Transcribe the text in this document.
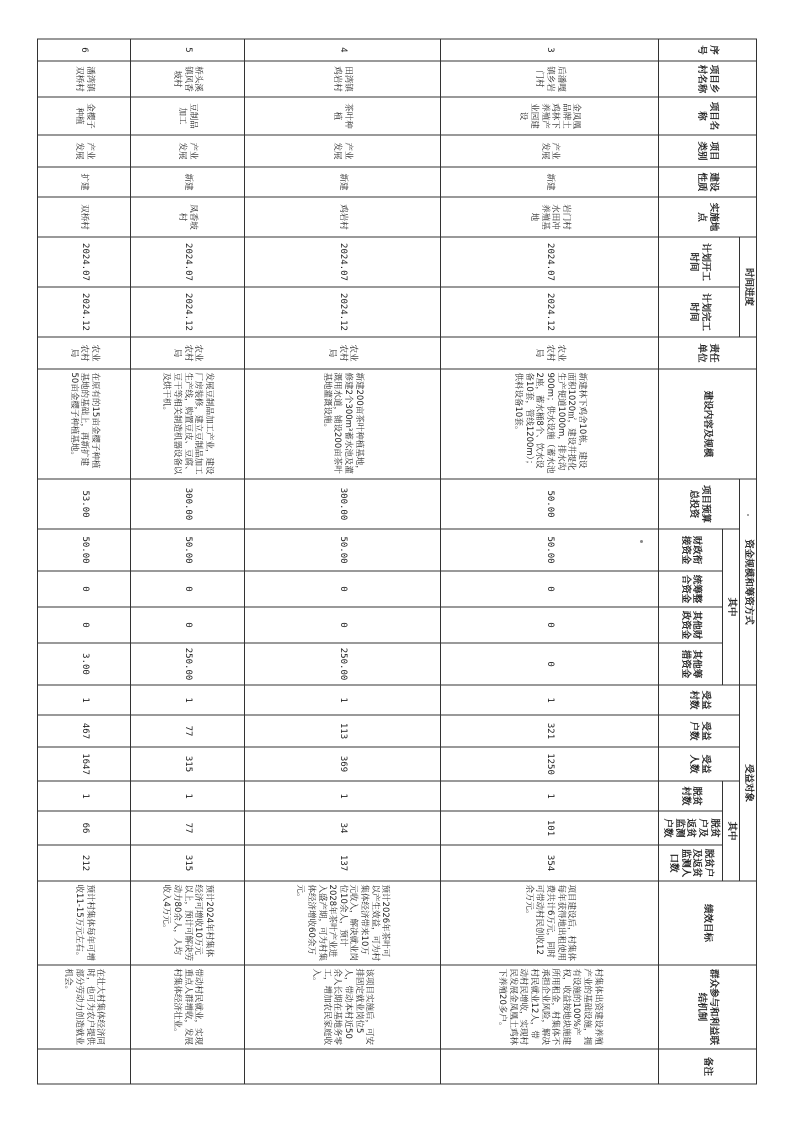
序号	项目乡村名称	项目名称	项目类别	建设性质	实施地点	时间进度		责任单位	建设内容及规模	资金规模和筹资方式					受益对象						绩效目标	群众参与和利益联结机制	备注
						计划开工时间	计划完工时间			项目预算总投资	其中				受益村数	受益户数	受益人数	其中					
											财政衔接资金	统筹整合资金	其他财政资金	其他筹措资金				脱贫村数	脱贫户及返贫监测户数	脱贫户及返贫监测人口数			
3	后潘嘎镇乡岩门村	金凤凰品牌土鸡林下养殖产业园建设	产业发展	新建	岩门村水田冲养殖基地	2024.07	2024.12	农业农村局	新建林下鸡舍10栋，建设面积1020㎡，建设井提化生产便道1000m，排水沟900m；供水设施（蓄水池2座，蓄水桶8个、饮水设备10套，管线1200m）；供料设备10套。	50.00	50.00	0	0	0	1	321	1250	1	101	354	项目建设后，村集体每年获得地出租使用费共计6万元，同时可带动村民创收12余万元。	村集体出资建设养殖产业的基础设施，拥有设施的100%产权，收益按地块施建所用租金，村集体不承担企业风险，解决村民就业12人，带动村民增收，实现村民发展金凤凰土鸡林下养殖20多户。	
4	田湾镇鸡岩村	茶叶种植	产业发展	新建	鸡岩村	2024.07	2024.12	农业农村局	新建200亩茶叶种植基地，修建2个300m³蓄水池及灌溉用水道，铺设200亩茶叶基地灌溉设施。	300.00	50.00	0	0	250.00	1	113	369	1	34	137	预计2026年茶叶可以产生效益，可为村集体经济带来10万元收入，解决就业岗位10余人，预计2028年茶叶产业进入盛产期，可为村集体经济增收60余万元。	该项目实施后，可安排固定就业岗位5人，带动本村近50余人长期在基地务零工，增加农民家庭收入。	
5	桥头溪镇风香坡村	豆制品加工	产业发展	新建	凤香坡村	2024.07	2024.12	农业农村局	发展豆制品加工产业，建设厂房装修，建立豆制品加工生产线，购置豆皮、豆腐、豆干等相关制造机器设备以及烘干机。	300.00	50.00	0	0	250.00	1	77	315	1	77	315	预计2024年村集体经济可增收10万元以上，预计可解决劳动力80余人，人均收入4万元。	带动村民就业，实现重点人群增收，发展村集体经济壮业。	
6	潘湾镇双桥村	金樱子种植	产业发展	扩建	双桥村	2024.07	2024.12	农业农村局	在原有的15亩金樱子种植基地的基础上，再新扩建50亩金樱子种植基地。	53.00	50.00	0	0	3.00	1	467	1647	1	66	212	预计村集体每年可增收11-15万元左右。	在壮大村集体经济同时，也可为农户提供部分劳动力创造就业机会。	
